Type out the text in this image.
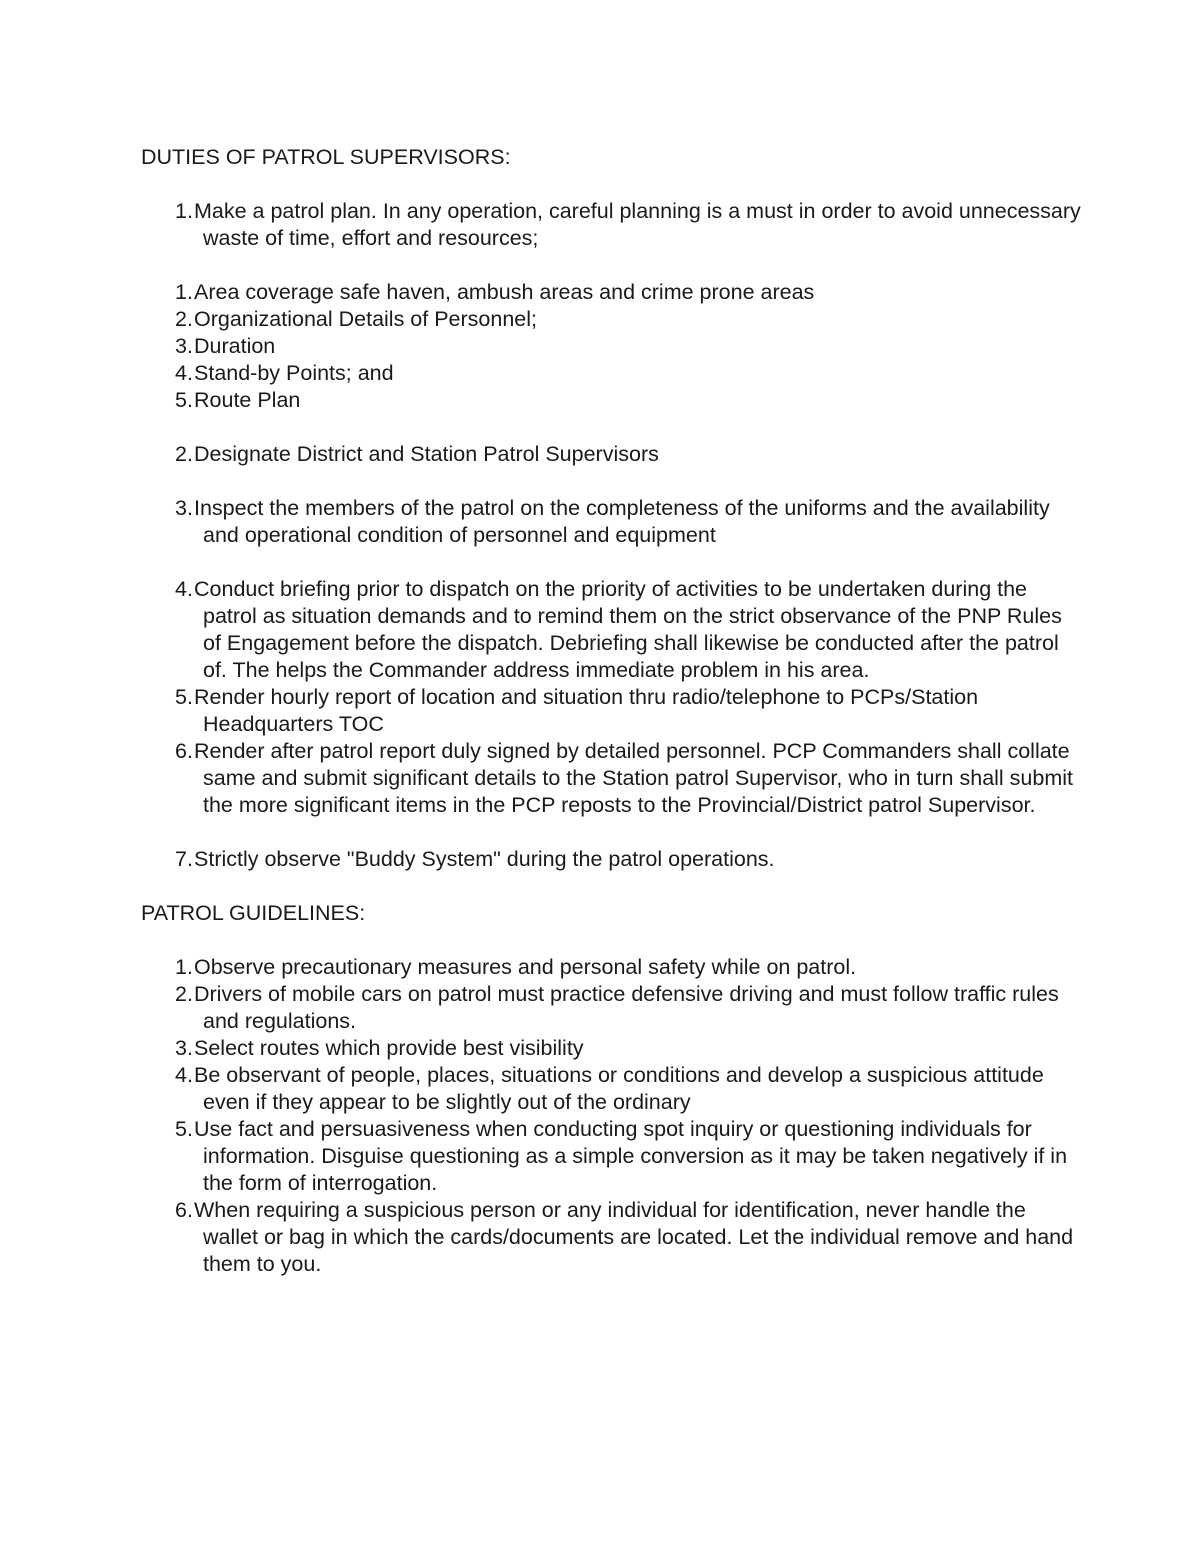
DUTIES OF PATROL SUPERVISORS:
1. Make a patrol plan. In any operation, careful planning is a must in order to avoid unnecessary waste of time, effort and resources;
1. Area coverage safe haven, ambush areas and crime prone areas
2. Organizational Details of Personnel;
3. Duration
4. Stand-by Points; and
5. Route Plan
2. Designate District and Station Patrol Supervisors
3. Inspect the members of the patrol on the completeness of the uniforms and the availability and operational condition of personnel and equipment
4. Conduct briefing prior to dispatch on the priority of activities to be undertaken during the patrol as situation demands and to remind them on the strict observance of the PNP Rules of Engagement before the dispatch. Debriefing shall likewise be conducted after the patrol of. The helps the Commander address immediate problem in his area.
5. Render hourly report of location and situation thru radio/telephone to PCPs/Station Headquarters TOC
6. Render after patrol report duly signed by detailed personnel. PCP Commanders shall collate same and submit significant details to the Station patrol Supervisor, who in turn shall submit the more significant items in the PCP reposts to the Provincial/District patrol Supervisor.
7. Strictly observe "Buddy System" during the patrol operations.
PATROL GUIDELINES:
1. Observe precautionary measures and personal safety while on patrol.
2. Drivers of mobile cars on patrol must practice defensive driving and must follow traffic rules and regulations.
3. Select routes which provide best visibility
4. Be observant of people, places, situations or conditions and develop a suspicious attitude even if they appear to be slightly out of the ordinary
5. Use fact and persuasiveness when conducting spot inquiry or questioning individuals for information. Disguise questioning as a simple conversion as it may be taken negatively if in the form of interrogation.
6. When requiring a suspicious person or any individual for identification, never handle the wallet or bag in which the cards/documents are located. Let the individual remove and hand them to you.
